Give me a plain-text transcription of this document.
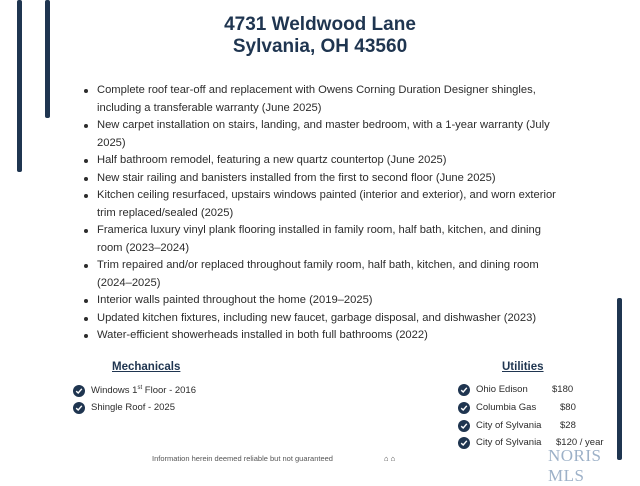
4731 Weldwood Lane
Sylvania, OH 43560
Complete roof tear-off and replacement with Owens Corning Duration Designer shingles, including a transferable warranty (June 2025)
New carpet installation on stairs, landing, and master bedroom, with a 1-year warranty (July 2025)
Half bathroom remodel, featuring a new quartz countertop (June 2025)
New stair railing and banisters installed from the first to second floor (June 2025)
Kitchen ceiling resurfaced, upstairs windows painted (interior and exterior), and worn exterior trim replaced/sealed (2025)
Framerica luxury vinyl plank flooring installed in family room, half bath, kitchen, and dining room (2023–2024)
Trim repaired and/or replaced throughout family room, half bath, kitchen, and dining room (2024–2025)
Interior walls painted throughout the home (2019–2025)
Updated kitchen fixtures, including new faucet, garbage disposal, and dishwasher (2023)
Water-efficient showerheads installed in both full bathrooms (2022)
Mechanicals
Windows 1st Floor - 2016
Shingle Roof - 2025
Utilities
Ohio Edison	$180
Columbia Gas	$80
City of Sylvania $28
City of Sylvania $120 / year
Information herein deemed reliable but not guaranteed	⌂ ⌂	NORIS MLS
